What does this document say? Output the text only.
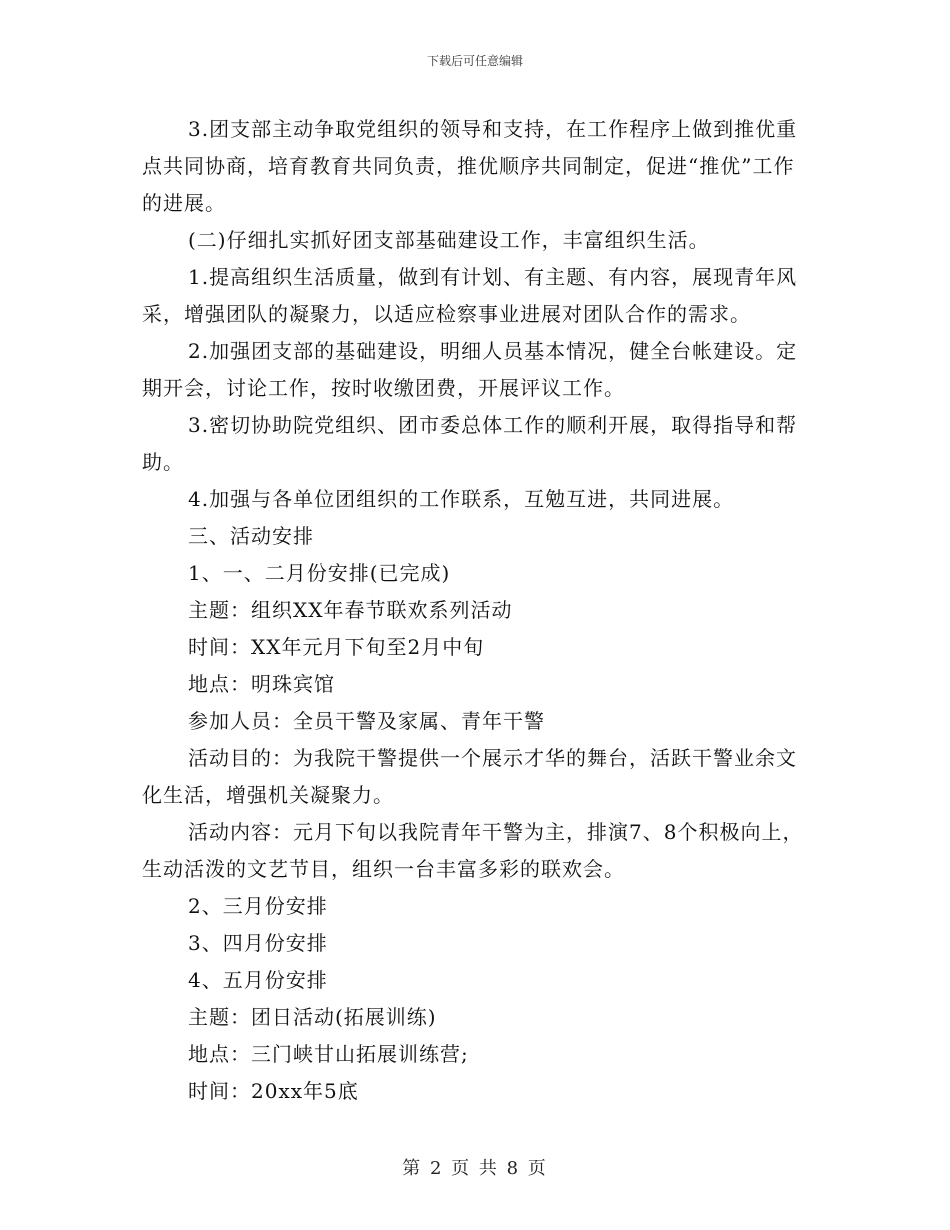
下载后可任意编辑

3.团支部主动争取党组织的领导和支持，在工作程序上做到推优重点共同协商，培育教育共同负责，推优顺序共同制定，促进“推优”工作的进展。

(二)仔细扎实抓好团支部基础建设工作，丰富组织生活。

1.提高组织生活质量，做到有计划、有主题、有内容，展现青年风采，增强团队的凝聚力，以适应检察事业进展对团队合作的需求。

2.加强团支部的基础建设，明细人员基本情况，健全台帐建设。定期开会，讨论工作，按时收缴团费，开展评议工作。

3.密切协助院党组织、团市委总体工作的顺利开展，取得指导和帮助。

4.加强与各单位团组织的工作联系，互勉互进，共同进展。

三、活动安排

1、一、二月份安排(已完成)

主题：组织XX年春节联欢系列活动

时间：XX年元月下旬至2月中旬

地点：明珠宾馆

参加人员：全员干警及家属、青年干警

活动目的：为我院干警提供一个展示才华的舞台，活跃干警业余文化生活，增强机关凝聚力。

活动内容：元月下旬以我院青年干警为主，排演7、8个积极向上，生动活泼的文艺节目，组织一台丰富多彩的联欢会。

2、三月份安排

3、四月份安排

4、五月份安排

主题：团日活动(拓展训练)

地点：三门峡甘山拓展训练营;

时间：20xx年5底

第 2 页 共 8 页
